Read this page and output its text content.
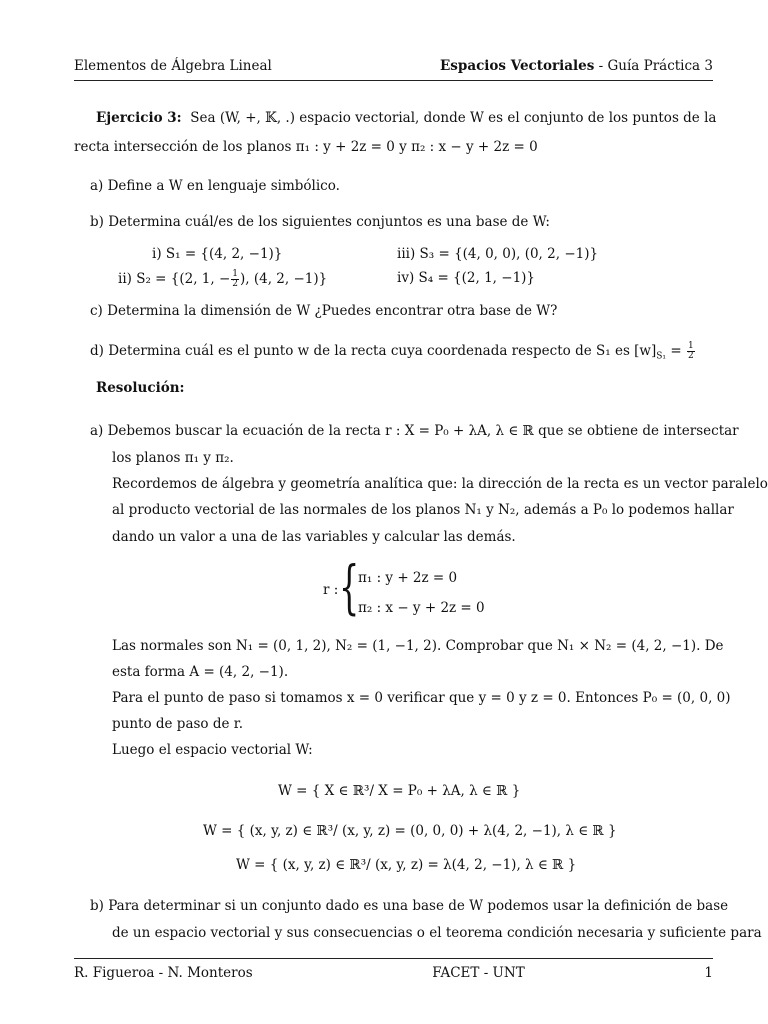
Elementos de Álgebra Lineal	Espacios Vectoriales - Guía Práctica 3
Ejercicio 3: Sea (W, +, 𝕂, .) espacio vectorial, donde W es el conjunto de los puntos de la
recta intersección de los planos π₁ : y + 2z = 0 y π₂ : x − y + 2z = 0
a) Define a W en lenguaje simbólico.
b) Determina cuál/es de los siguientes conjuntos es una base de W:
i) S₁ = {(4, 2, −1)}	iii) S₃ = {(4, 0, 0), (0, 2, −1)}
ii) S₂ = {(2, 1, − $\frac{1}{2}$ ), (4, 2, −1)}	iv) S₄ = {(2, 1, −1)}
c) Determina la dimensión de W ¿Puedes encontrar otra base de W?
d) Determina cuál es el punto w de la recta cuya coordenada respecto de S₁ es $[w]_{S_1} = \frac{1}{2}$
Resolución:
a) Debemos buscar la ecuación de la recta r : X = P₀ + λA, λ ∈ ℝ que se obtiene de intersectar
los planos π₁ y π₂.
Recordemos de álgebra y geometría analítica que: la dirección de la recta es un vector paralelo
al producto vectorial de las normales de los planos N₁ y N₂, además a P₀ lo podemos hallar
dando un valor a una de las variables y calcular las demás.
r : {
π₁ : y + 2z = 0
π₂ : x − y + 2z = 0
Las normales son N₁ = (0, 1, 2), N₂ = (1, −1, 2). Comprobar que N₁ × N₂ = (4, 2, −1). De
esta forma A = (4, 2, −1).
Para el punto de paso si tomamos x = 0 verificar que y = 0 y z = 0. Entonces P₀ = (0, 0, 0)
punto de paso de r.
Luego el espacio vectorial W:
W = { X ∈ ℝ³/ X = P₀ + λA, λ ∈ ℝ }
W = { (x, y, z) ∈ ℝ³/ (x, y, z) = (0, 0, 0) + λ(4, 2, −1), λ ∈ ℝ }
W = { (x, y, z) ∈ ℝ³/ (x, y, z) = λ(4, 2, −1), λ ∈ ℝ }
b) Para determinar si un conjunto dado es una base de W podemos usar la definición de base
de un espacio vectorial y sus consecuencias o el teorema condición necesaria y suficiente para
R. Figueroa - N. Monteros	FACET - UNT	1
